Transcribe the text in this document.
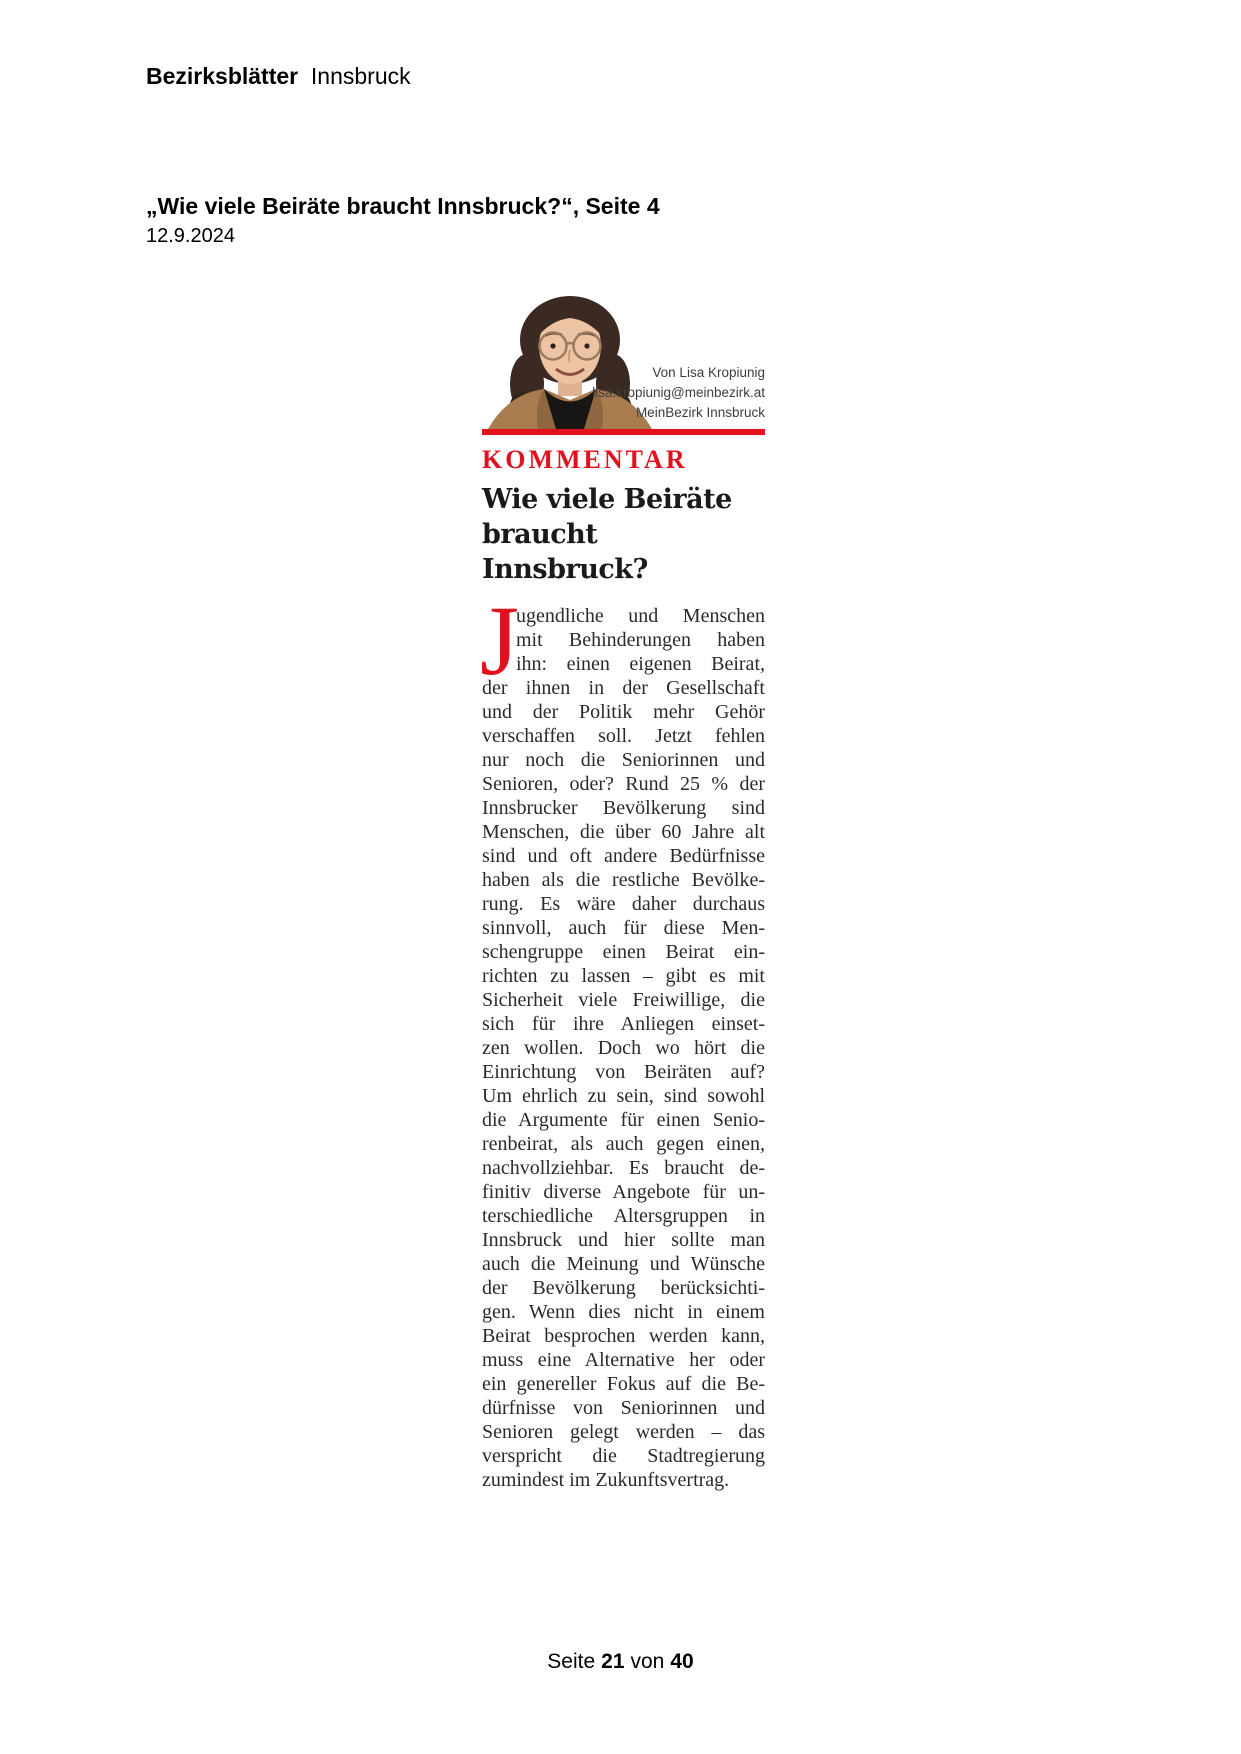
Bezirksblätter Innsbruck
„Wie viele Beiräte braucht Innsbruck?“, Seite 4
12.9.2024
Von Lisa Kropiunig
lisa.kropiunig@meinbezirk.at
MeinBezirk Innsbruck
KOMMENTAR
Wie viele Beiräte
braucht Innsbruck?
J
ugendliche und Menschen
mit Behinderungen haben
ihn: einen eigenen Beirat,
der ihnen in der Gesellschaft
und der Politik mehr Gehör
verschaffen soll. Jetzt fehlen
nur noch die Seniorinnen und
Senioren, oder? Rund 25 % der
Innsbrucker Bevölkerung sind
Menschen, die über 60 Jahre alt
sind und oft andere Bedürfnisse
haben als die restliche Bevölke-
rung. Es wäre daher durchaus
sinnvoll, auch für diese Men-
schengruppe einen Beirat ein-
richten zu lassen – gibt es mit
Sicherheit viele Freiwillige, die
sich für ihre Anliegen einset-
zen wollen. Doch wo hört die
Einrichtung von Beiräten auf?
Um ehrlich zu sein, sind sowohl
die Argumente für einen Senio-
renbeirat, als auch gegen einen,
nachvollziehbar. Es braucht de-
finitiv diverse Angebote für un-
terschiedliche Altersgruppen in
Innsbruck und hier sollte man
auch die Meinung und Wünsche
der Bevölkerung berücksichti-
gen. Wenn dies nicht in einem
Beirat besprochen werden kann,
muss eine Alternative her oder
ein genereller Fokus auf die Be-
dürfnisse von Seniorinnen und
Senioren gelegt werden – das
verspricht die Stadtregierung
zumindest im Zukunftsvertrag.
Seite 21 von 40
